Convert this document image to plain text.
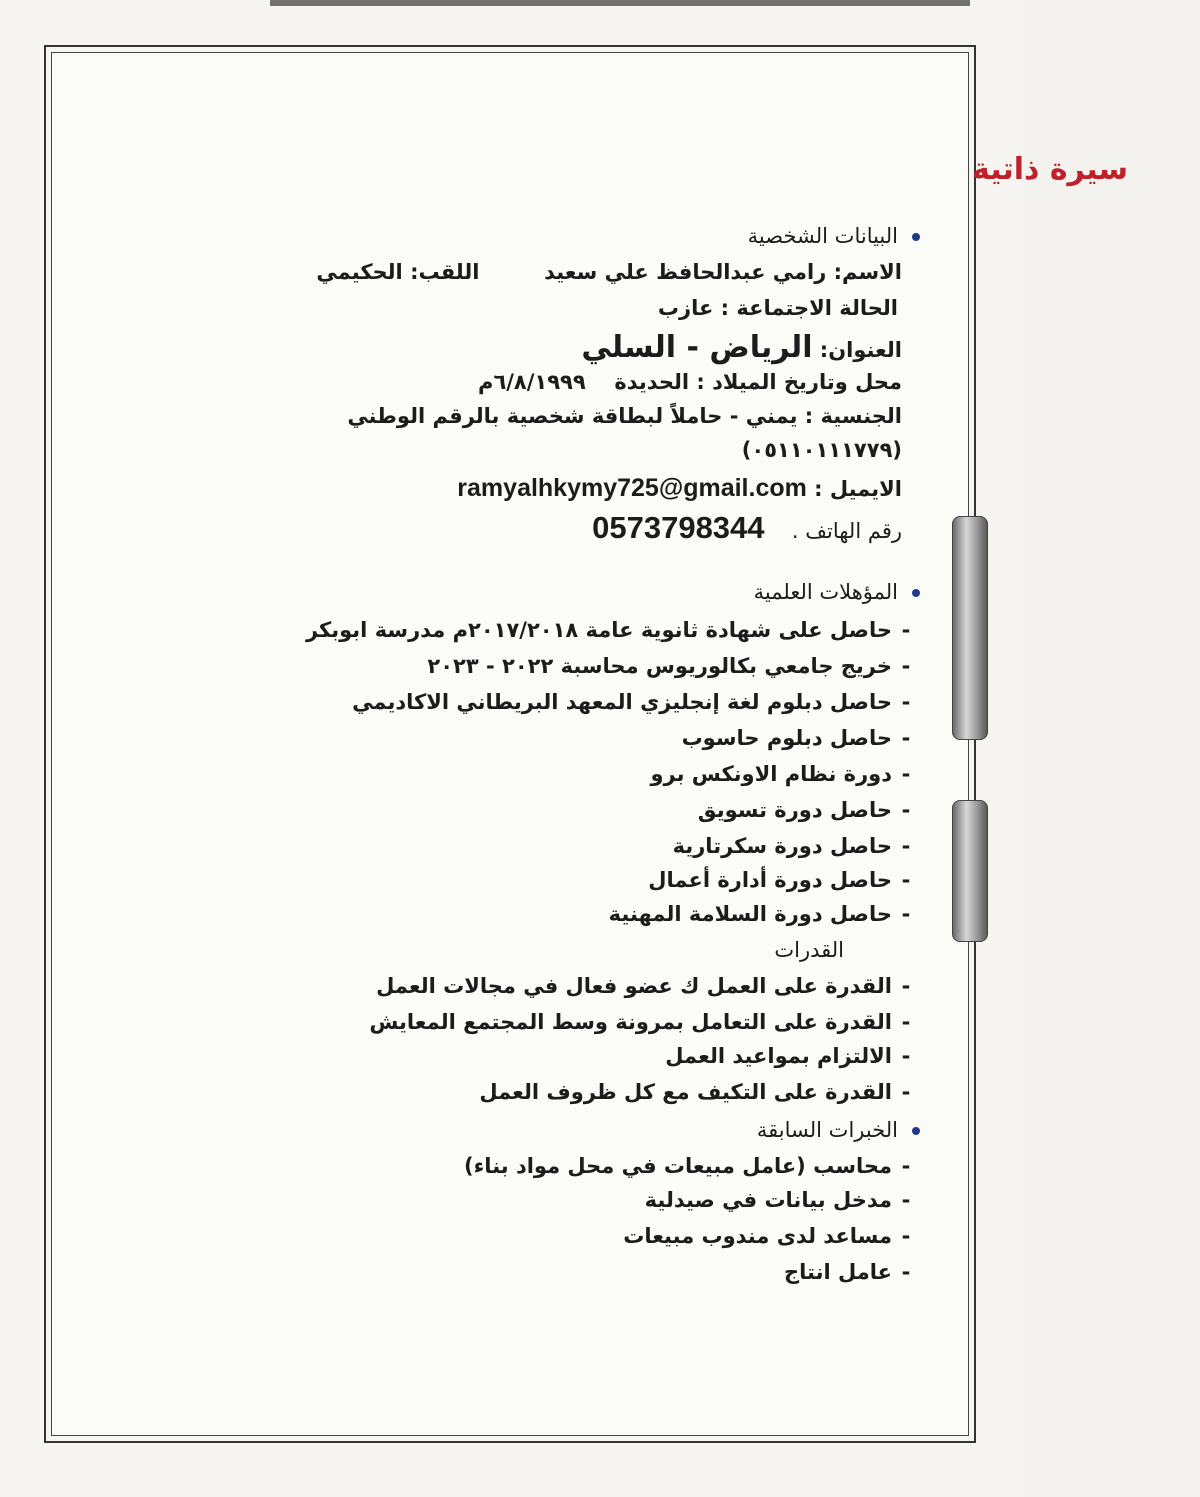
سيرة ذاتية
البيانات الشخصية
الاسم: رامي عبدالحافظ علي سعيد  اللقب: الحكيمي
الحالة الاجتماعة : عازب
العنوان: الرياض - السلي
محل وتاريخ الميلاد : الحديدة  ٦/٨/١٩٩٩م
الجنسية : يمني - حاملاً لبطاقة شخصية بالرقم الوطني
(٠٥١١٠١١١٧٧٩)
الايميل : ramyalhkymy725@gmail.com
رقم الهاتف .  0573798344
المؤهلات العلمية
-حاصل على شهادة ثانوية عامة ٢٠١٧/٢٠١٨م مدرسة ابوبكر
-خريج جامعي بكالوريوس محاسبة ٢٠٢٢ - ٢٠٢٣
-حاصل دبلوم لغة إنجليزي المعهد البريطاني الاكاديمي
-حاصل دبلوم حاسوب
-دورة نظام الاونكس برو
-حاصل دورة تسويق
-حاصل دورة سكرتارية
-حاصل دورة أدارة أعمال
-حاصل دورة السلامة المهنية
القدرات
-القدرة على العمل ك عضو فعال في مجالات العمل
-القدرة على التعامل بمرونة وسط المجتمع المعايش
-الالتزام بمواعيد العمل
-القدرة على التكيف مع كل ظروف العمل
الخبرات السابقة
-محاسب (عامل مبيعات في محل مواد بناء)
-مدخل بيانات في صيدلية
-مساعد لدى مندوب مبيعات
-عامل انتاج
